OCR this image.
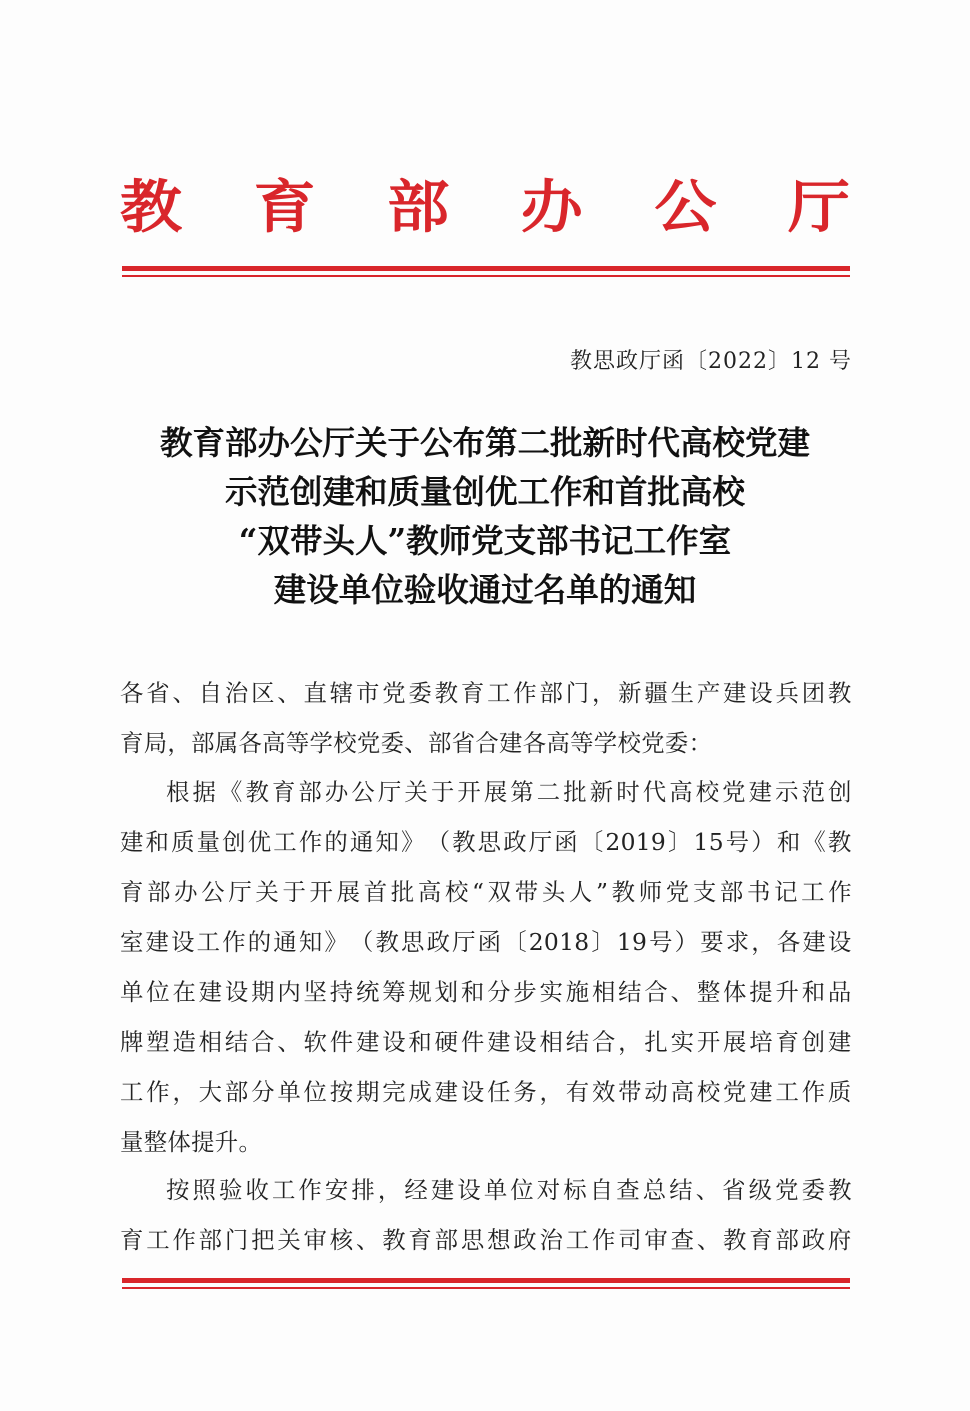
教 育 部 办 公 厅
教思政厅函〔2022〕12 号
教育部办公厅关于公布第二批新时代高校党建
示范创建和质量创优工作和首批高校
“双带头人”教师党支部书记工作室
建设单位验收通过名单的通知
各 省 、 自 治 区 、 直 辖 市 党 委 教 育 工 作 部 门 ， 新 疆 生 产 建 设 兵 团 教
育局，部属各高等学校党委、部省合建各高等学校党委：
根 据 《 教 育 部 办 公 厅 关 于 开 展 第 二 批 新 时 代 高 校 党 建 示 范 创
建 和 质 量 创 优 工 作 的 通 知 》 （ 教 思 政 厅 函 〔 2019 〕 15 号 ） 和 《 教
育 部 办 公 厅 关 于 开 展 首 批 高 校 “ 双 带 头 人 ” 教 师 党 支 部 书 记 工 作
室 建 设 工 作 的 通 知 》 （ 教 思 政 厅 函 〔 2018 〕 19 号 ） 要 求 ， 各 建 设
单 位 在 建 设 期 内 坚 持 统 筹 规 划 和 分 步 实 施 相 结 合 、 整 体 提 升 和 品
牌 塑 造 相 结 合 、 软 件 建 设 和 硬 件 建 设 相 结 合 ， 扎 实 开 展 培 育 创 建
工 作 ， 大 部 分 单 位 按 期 完 成 建 设 任 务 ， 有 效 带 动 高 校 党 建 工 作 质
量整体提升。
按 照 验 收 工 作 安 排 ， 经 建 设 单 位 对 标 自 查 总 结 、 省 级 党 委 教
育 工 作 部 门 把 关 审 核 、 教 育 部 思 想 政 治 工 作 司 审 查 、 教 育 部 政 府
